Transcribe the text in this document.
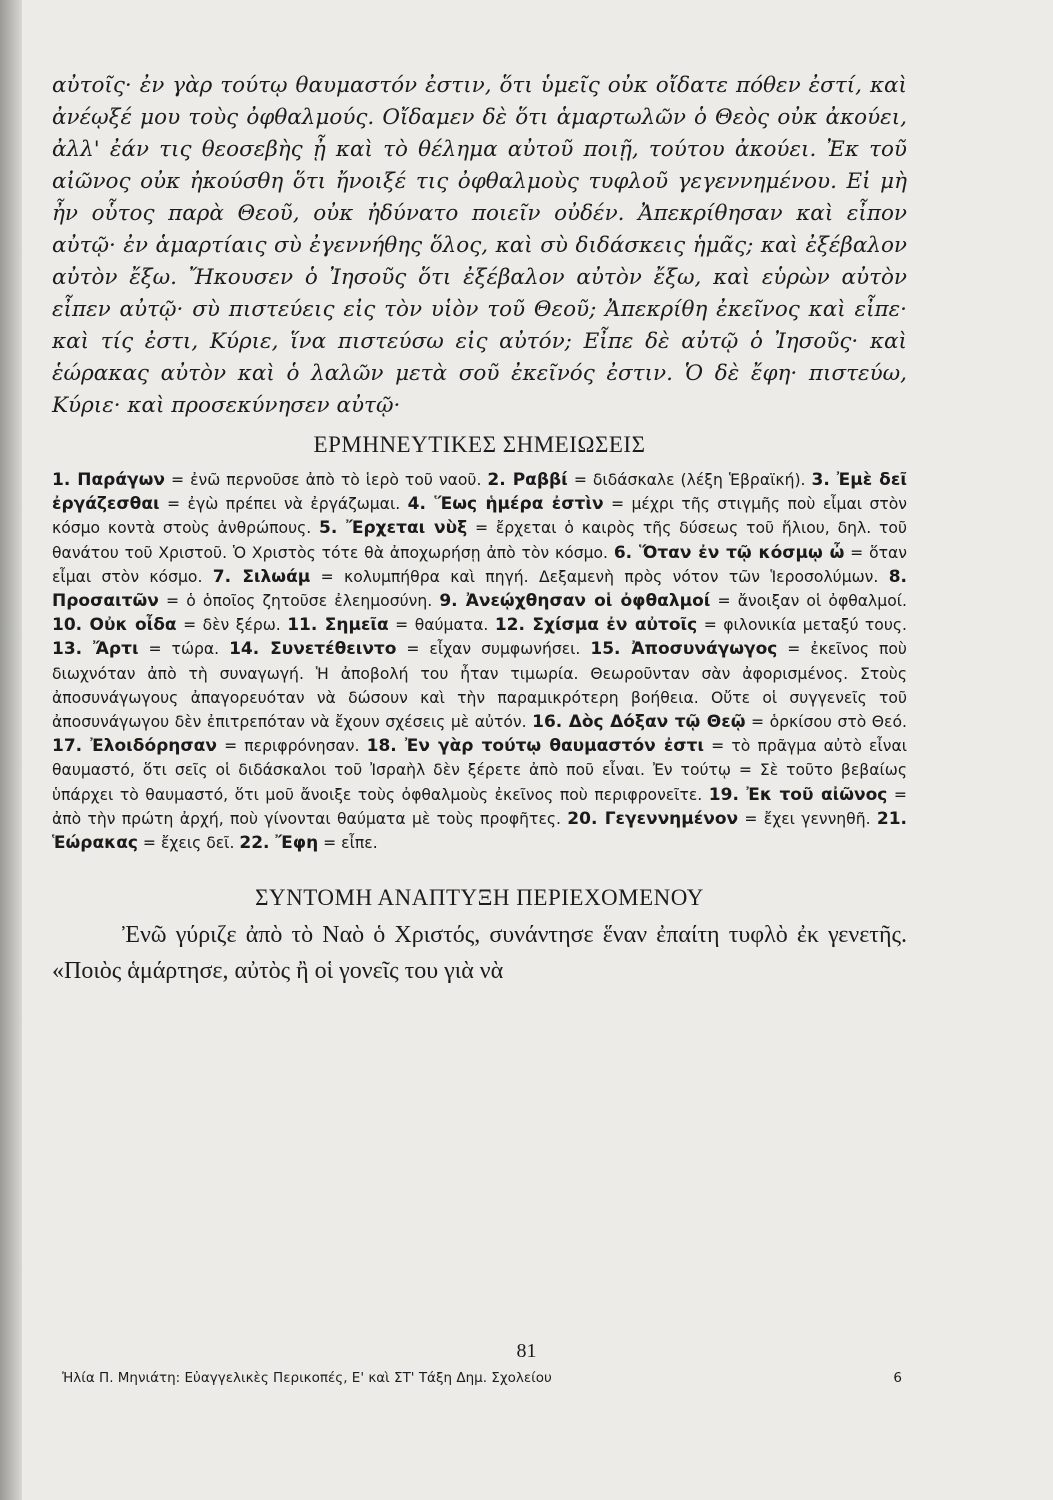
αὐτοῖς· ἐν γὰρ τούτῳ θαυμαστόν ἐστιν, ὅτι ὑμεῖς οὐκ οἴδατε πόθεν ἐστί, καὶ ἀνέῳξέ μου τοὺς ὀφθαλμούς. Οἴδαμεν δὲ ὅτι ἁμαρτωλῶν ὁ Θεὸς οὐκ ἀκούει, ἀλλ' ἐάν τις θεοσεβὴς ᾖ καὶ τὸ θέλημα αὐτοῦ ποιῇ, τούτου ἀκούει. Ἐκ τοῦ αἰῶνος οὐκ ἠκούσθη ὅτι ἤνοιξέ τις ὀφθαλμοὺς τυφλοῦ γεγεννημένου. Εἰ μὴ ἦν οὗτος παρὰ Θεοῦ, οὐκ ἠδύνατο ποιεῖν οὐδέν. Ἀπεκρίθησαν καὶ εἶπον αὐτῷ· ἐν ἁμαρτίαις σὺ ἐγεννήθης ὅλος, καὶ σὺ διδάσκεις ἡμᾶς; καὶ ἐξέβαλον αὐτὸν ἔξω. Ἤκουσεν ὁ Ἰησοῦς ὅτι ἐξέβαλον αὐτὸν ἔξω, καὶ εὑρὼν αὐτὸν εἶπεν αὐτῷ· σὺ πιστεύεις εἰς τὸν υἱὸν τοῦ Θεοῦ; Ἀπεκρίθη ἐκεῖνος καὶ εἶπε· καὶ τίς ἐστι, Κύριε, ἵνα πιστεύσω εἰς αὐτόν; Εἶπε δὲ αὐτῷ ὁ Ἰησοῦς· καὶ ἑώρακας αὐτὸν καὶ ὁ λαλῶν μετὰ σοῦ ἐκεῖνός ἐστιν. Ὁ δὲ ἔφη· πιστεύω, Κύριε· καὶ προσεκύνησεν αὐτῷ·

ΕΡΜΗΝΕΥΤΙΚΕΣ ΣΗΜΕΙΩΣΕΙΣ

1. Παράγων = ἐνῶ περνοῦσε ἀπὸ τὸ ἱερὸ τοῦ ναοῦ. 2. Ραββί = διδάσκαλε (λέξη Ἑβραϊκή). 3. Ἐμὲ δεῖ ἐργάζεσθαι = ἐγὼ πρέπει νὰ ἐργάζωμαι. 4. Ἕως ἡμέρα ἐστὶν = μέχρι τῆς στιγμῆς ποὺ εἶμαι στὸν κόσμο κοντὰ στοὺς ἀνθρώπους. 5. Ἔρχεται νὺξ = ἔρχεται ὁ καιρὸς τῆς δύσεως τοῦ ἥλιου, δηλ. τοῦ θανάτου τοῦ Χριστοῦ. Ὁ Χριστὸς τότε θὰ ἀποχωρήσῃ ἀπὸ τὸν κόσμο. 6. Ὅταν ἐν τῷ κόσμῳ ὦ = ὅταν εἶμαι στὸν κόσμο. 7. Σιλωάμ = κολυμπήθρα καὶ πηγή. Δεξαμενὴ πρὸς νότον τῶν Ἱεροσολύμων. 8. Προσαιτῶν = ὁ ὁποῖος ζητοῦσε ἐλεημοσύνη. 9. Ἀνεῴχθησαν οἱ ὀφθαλμοί = ἄνοιξαν οἱ ὀφθαλμοί. 10. Οὐκ οἶδα = δὲν ξέρω. 11. Σημεῖα = θαύματα. 12. Σχίσμα ἐν αὐτοῖς = φιλονικία μεταξύ τους. 13. Ἄρτι = τώρα. 14. Συνετέθειντο = εἶχαν συμφωνήσει. 15. Ἀποσυνάγωγος = ἐκεῖνος ποὺ διωχνόταν ἀπὸ τὴ συναγωγή. Ἡ ἀποβολή του ἦταν τιμωρία. Θεωροῦνταν σὰν ἀφορισμένος. Στοὺς ἀποσυνάγωγους ἀπαγορευόταν νὰ δώσουν καὶ τὴν παραμικρότερη βοήθεια. Οὔτε οἱ συγγενεῖς τοῦ ἀποσυνάγωγου δὲν ἐπιτρεπόταν νὰ ἔχουν σχέσεις μὲ αὐτόν. 16. Δὸς Δόξαν τῷ Θεῷ = ὁρκίσου στὸ Θεό. 17. Ἐλοιδόρησαν = περιφρόνησαν. 18. Ἐν γὰρ τούτῳ θαυμαστόν ἐστι = τὸ πρᾶγμα αὐτὸ εἶναι θαυμαστό, ὅτι σεῖς οἱ διδάσκαλοι τοῦ Ἰσραὴλ δὲν ξέρετε ἀπὸ ποῦ εἶναι. Ἐν τούτῳ = Σὲ τοῦτο βεβαίως ὑπάρχει τὸ θαυμαστό, ὅτι μοῦ ἄνοιξε τοὺς ὀφθαλμοὺς ἐκεῖνος ποὺ περιφρονεῖτε. 19. Ἐκ τοῦ αἰῶνος = ἀπὸ τὴν πρώτη ἀρχή, ποὺ γίνονται θαύματα μὲ τοὺς προφῆτες. 20. Γεγεννημένον = ἔχει γεννηθῆ. 21. Ἑώρακας = ἔχεις δεῖ. 22. Ἔφη = εἶπε.

ΣΥΝΤΟΜΗ ΑΝΑΠΤΥΞΗ ΠΕΡΙΕΧΟΜΕΝΟΥ

Ἐνῶ γύριζε ἀπὸ τὸ Ναὸ ὁ Χριστός, συνάντησε ἕναν ἐπαίτη τυφλὸ ἐκ γενετῆς. «Ποιὸς ἁμάρτησε, αὐτὸς ἢ οἱ γονεῖς του γιὰ νὰ

81
Ἠλία Π. Μηνιάτη: Εὐαγγελικὲς Περικοπές, Ε' καὶ ΣΤ' Τάξη Δημ. Σχολείου	6
